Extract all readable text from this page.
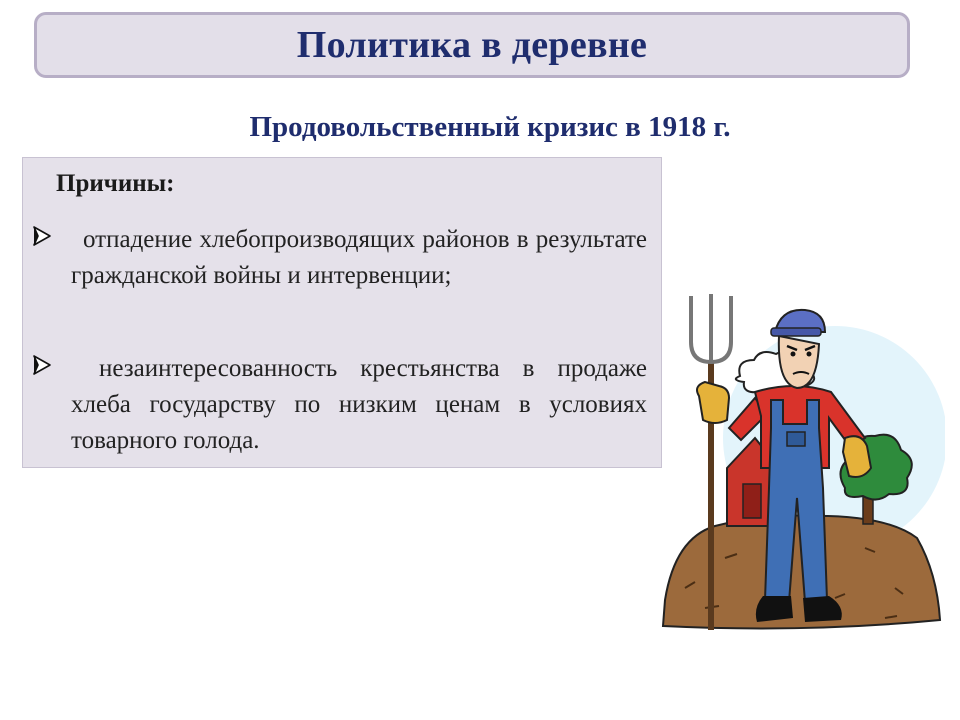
Политика в деревне
Продовольственный кризис в 1918 г.
Причины:
отпадение хлебопроизводящих районов в результате гражданской войны и интервенции;
незаинтересованность крестьянства в продаже хлеба государству по низким ценам в условиях товарного голода.
